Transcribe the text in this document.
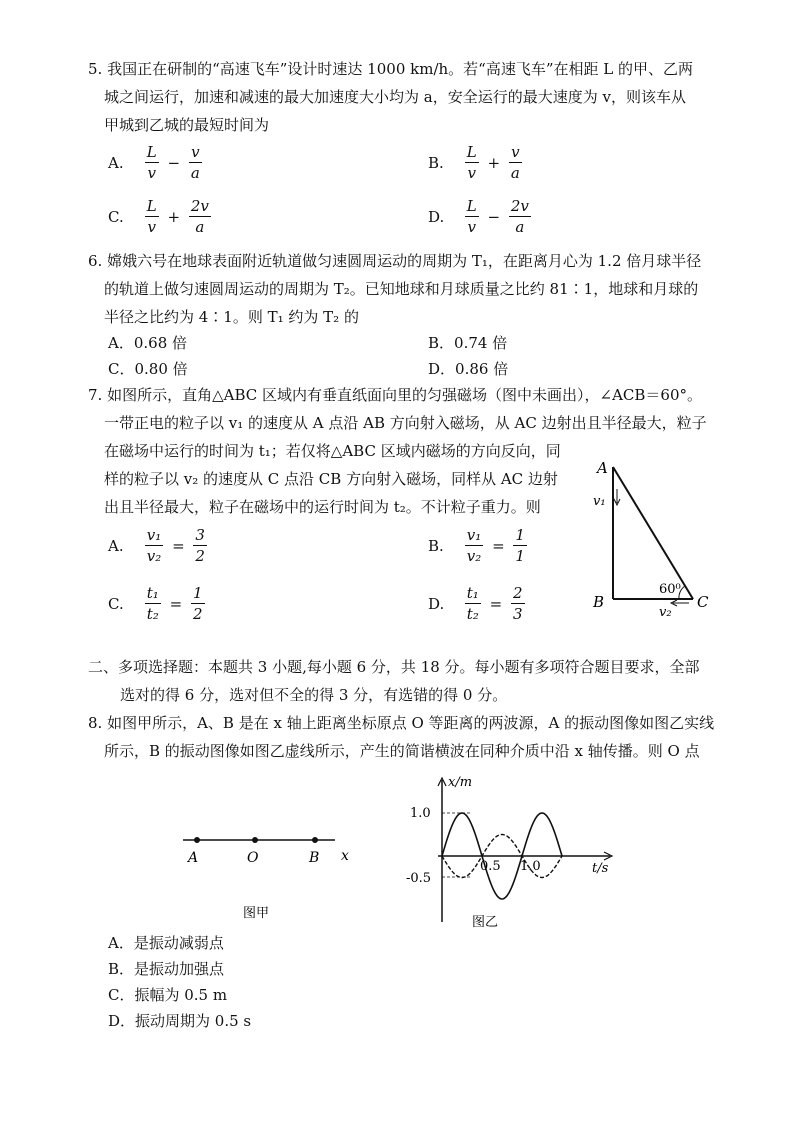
5. 我国正在研制的“高速飞车”设计时速达 1000 km/h。若“高速飞车”在相距 L 的甲、乙两
城之间运行，加速和减速的最大加速度大小均为 a，安全运行的最大速度为 v，则该车从
甲城到乙城的最短时间为
A. $\frac{L}{v} - \frac{v}{a}$	B. $\frac{L}{v} + \frac{v}{a}$
C. $\frac{L}{v} + \frac{2v}{a}$	D. $\frac{L}{v} - \frac{2v}{a}$
6. 嫦娥六号在地球表面附近轨道做匀速圆周运动的周期为 T₁，在距离月心为 1.2 倍月球半径
的轨道上做匀速圆周运动的周期为 T₂。已知地球和月球质量之比约 81∶1，地球和月球的
半径之比约为 4∶1。则 T₁ 约为 T₂ 的
A．0.68 倍	B．0.74 倍
C．0.80 倍	D．0.86 倍
7. 如图所示，直角△ABC 区域内有垂直纸面向里的匀强磁场（图中未画出），∠ACB＝60°。
一带正电的粒子以 v₁ 的速度从 A 点沿 AB 方向射入磁场，从 AC 边射出且半径最大，粒子
在磁场中运行的时间为 t₁；若仅将△ABC 区域内磁场的方向反向，同
样的粒子以 v₂ 的速度从 C 点沿 CB 方向射入磁场，同样从 AC 边射
出且半径最大，粒子在磁场中的运行时间为 t₂。不计粒子重力。则
A. $\frac{\text{v₁}}{\text{v₂}} = \frac{3}{2}$	B. $\frac{\text{v₁}}{\text{v₂}} = \frac{1}{1}$
C. $\frac{\text{t₁}}{\text{t₂}} = \frac{1}{2}$	D. $\frac{\text{t₁}}{\text{t₂}} = \frac{2}{3}$
A
B	C
v₁
v₂
60⁰
二、多项选择题：本题共 3 小题,每小题 6 分，共 18 分。每小题有多项符合题目要求，全部
选对的得 6 分，选对但不全的得 3 分，有选错的得 0 分。
8. 如图甲所示，A、B 是在 x 轴上距离坐标原点 O 等距离的两波源，A 的振动图像如图乙实线
所示，B 的振动图像如图乙虚线所示，产生的简谐横波在同种介质中沿 x 轴传播。则 O 点
A	O	B x
图甲
x/m
t/s
1.0
-0.5
0.5 1.0
图乙
A．是振动减弱点
B．是振动加强点
C．振幅为 0.5 m
D．振动周期为 0.5 s
